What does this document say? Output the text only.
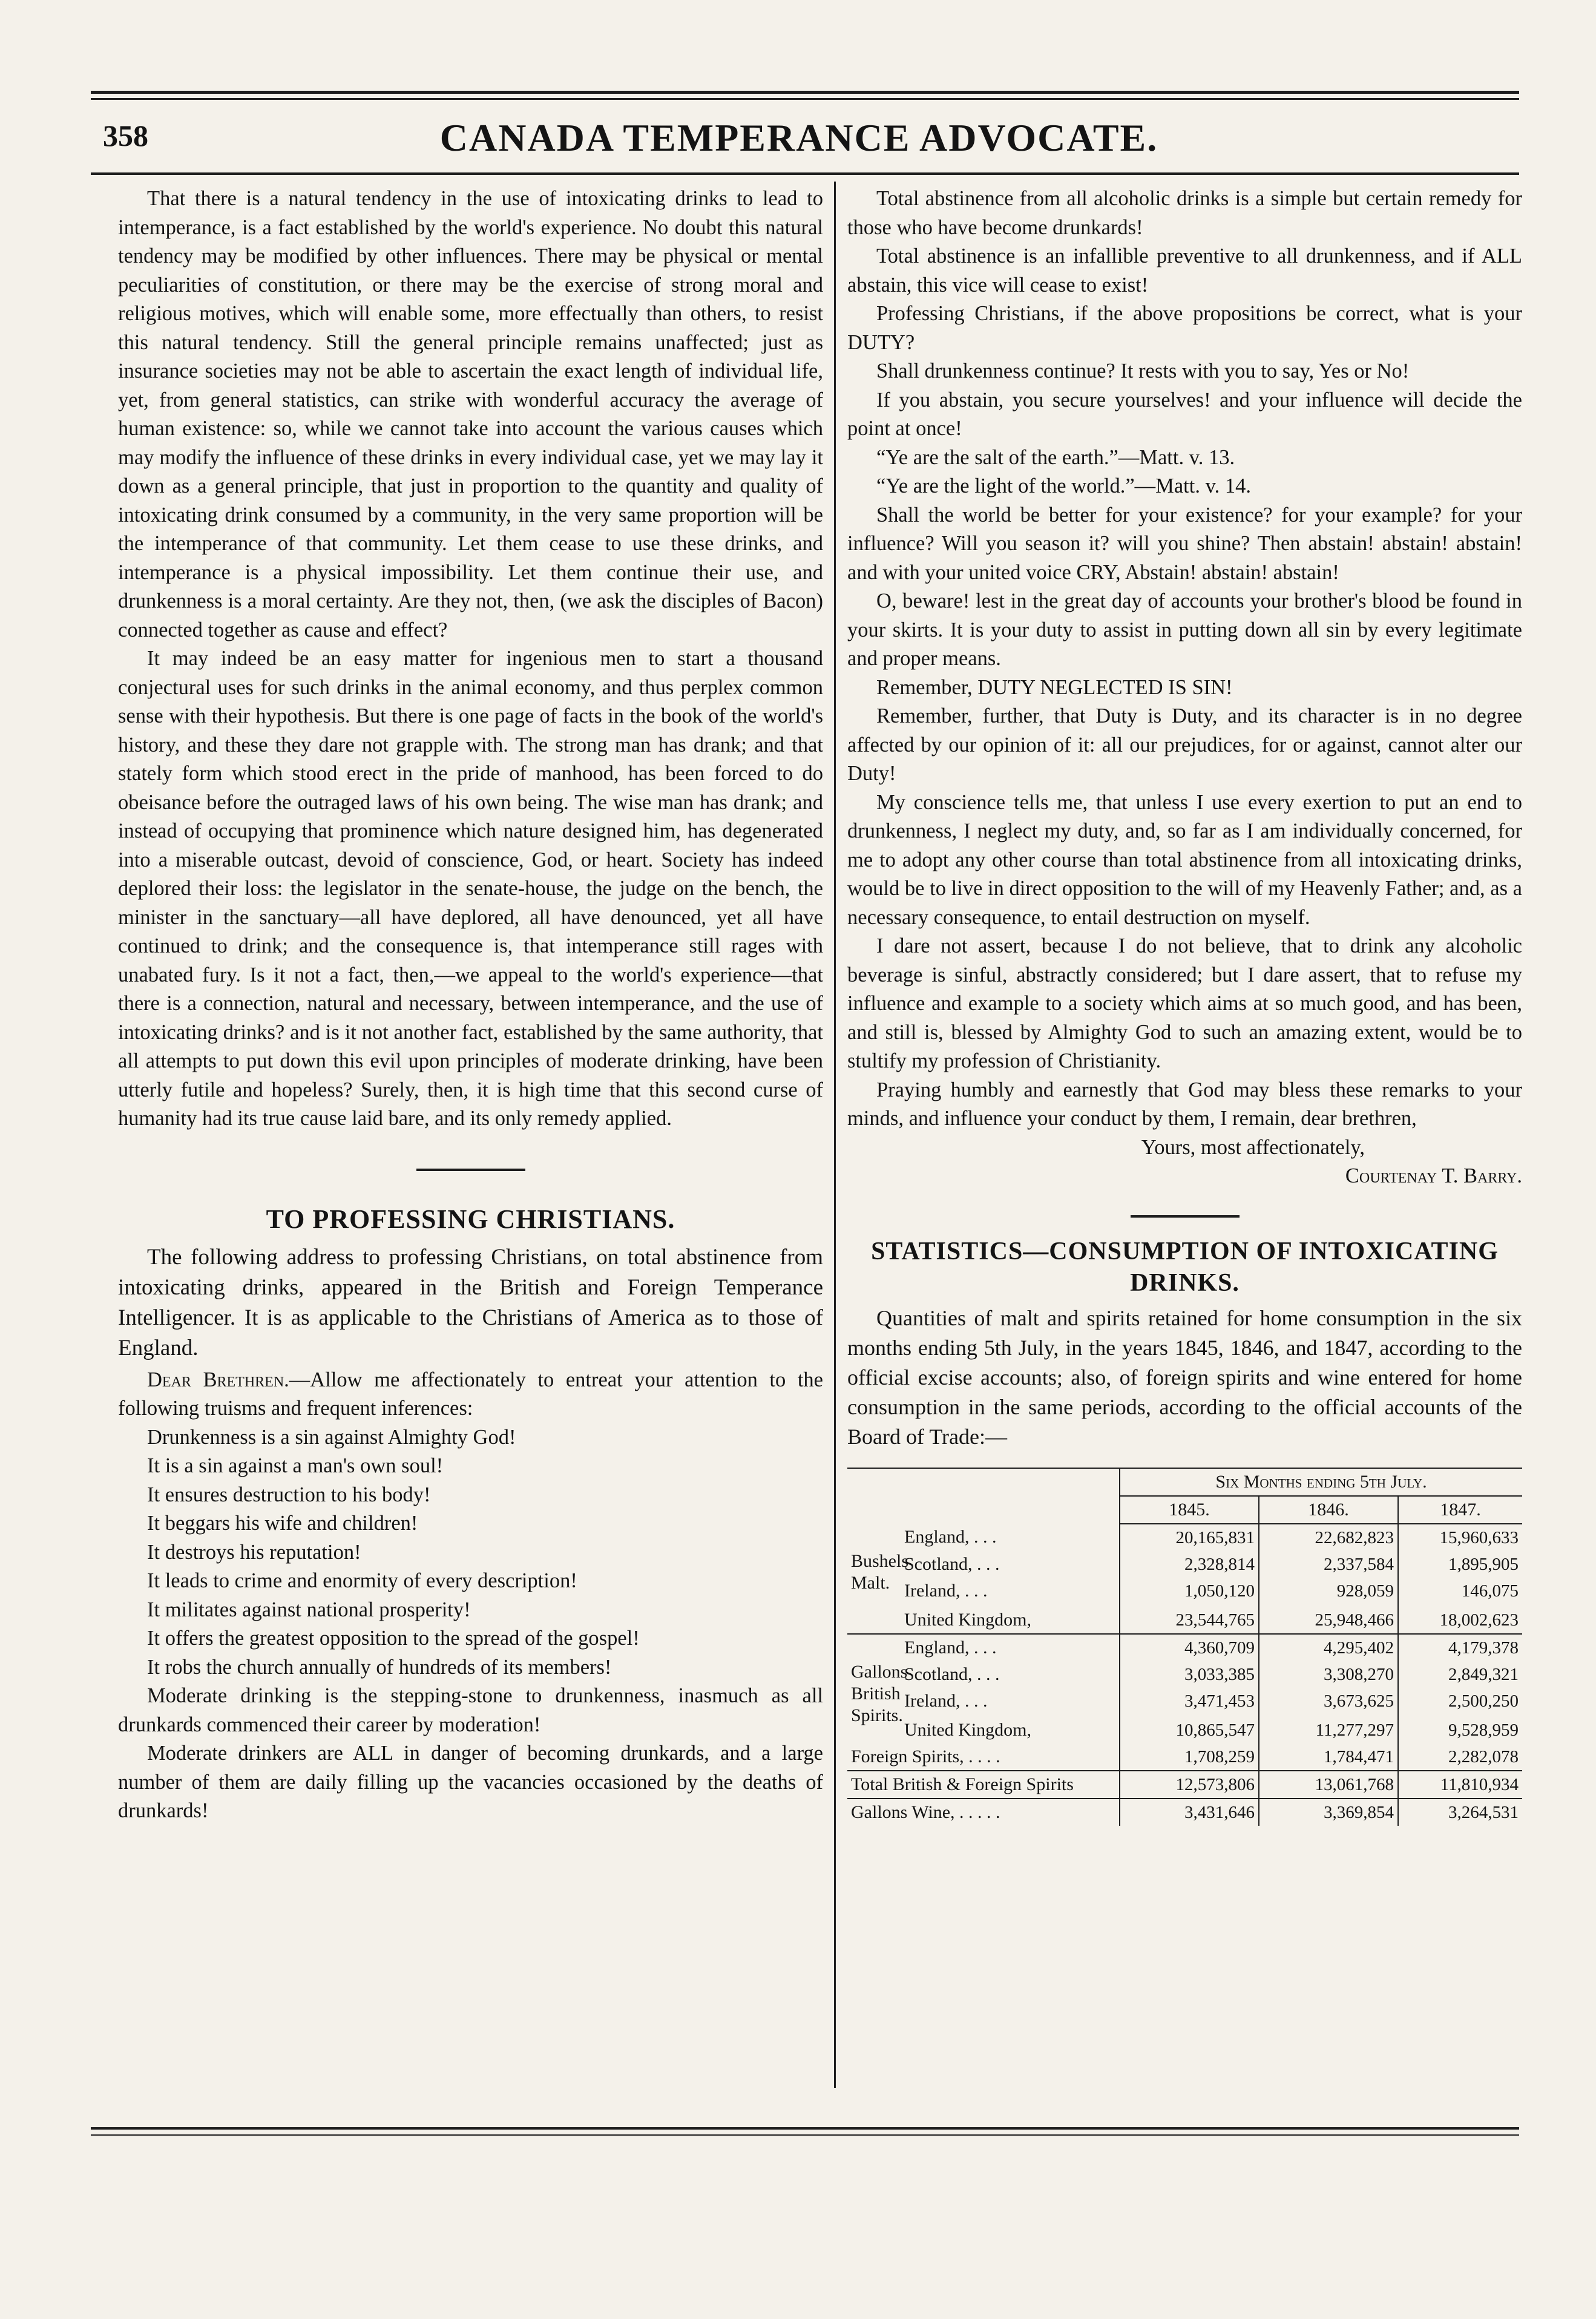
358	CANADA TEMPERANCE ADVOCATE.

That there is a natural tendency in the use of intoxicating drinks to lead to intemperance, is a fact established by the world's experience. No doubt this natural tendency may be modified by other influences. There may be physical or mental peculiarities of constitution, or there may be the exercise of strong moral and religious motives, which will enable some, more effectually than others, to resist this natural tendency. Still the general principle remains unaffected; just as insurance societies may not be able to ascertain the exact length of individual life, yet, from general statistics, can strike with wonderful accuracy the average of human existence: so, while we cannot take into account the various causes which may modify the influence of these drinks in every individual case, yet we may lay it down as a general principle, that just in proportion to the quantity and quality of intoxicating drink consumed by a community, in the very same proportion will be the intemperance of that community. Let them cease to use these drinks, and intemperance is a physical impossibility. Let them continue their use, and drunkenness is a moral certainty. Are they not, then, (we ask the disciples of Bacon) connected together as cause and effect?

It may indeed be an easy matter for ingenious men to start a thousand conjectural uses for such drinks in the animal economy, and thus perplex common sense with their hypothesis. But there is one page of facts in the book of the world's history, and these they dare not grapple with. The strong man has drank; and that stately form which stood erect in the pride of manhood, has been forced to do obeisance before the outraged laws of his own being. The wise man has drank; and instead of occupying that prominence which nature designed him, has degenerated into a miserable outcast, devoid of conscience, God, or heart. Society has indeed deplored their loss: the legislator in the senate-house, the judge on the bench, the minister in the sanctuary—all have deplored, all have denounced, yet all have continued to drink; and the consequence is, that intemperance still rages with unabated fury. Is it not a fact, then,—we appeal to the world's experience—that there is a connection, natural and necessary, between intemperance, and the use of intoxicating drinks? and is it not another fact, established by the same authority, that all attempts to put down this evil upon principles of moderate drinking, have been utterly futile and hopeless? Surely, then, it is high time that this second curse of humanity had its true cause laid bare, and its only remedy applied.

TO PROFESSING CHRISTIANS.

The following address to professing Christians, on total abstinence from intoxicating drinks, appeared in the British and Foreign Temperance Intelligencer. It is as applicable to the Christians of America as to those of England.

Dear Brethren.—Allow me affectionately to entreat your attention to the following truisms and frequent inferences:

Drunkenness is a sin against Almighty God!

It is a sin against a man's own soul!

It ensures destruction to his body!

It beggars his wife and children!

It destroys his reputation!

It leads to crime and enormity of every description!

It militates against national prosperity!

It offers the greatest opposition to the spread of the gospel!

It robs the church annually of hundreds of its members!

Moderate drinking is the stepping-stone to drunkenness, inasmuch as all drunkards commenced their career by moderation!

Moderate drinkers are ALL in danger of becoming drunkards, and a large number of them are daily filling up the vacancies occasioned by the deaths of drunkards!

Total abstinence from all alcoholic drinks is a simple but certain remedy for those who have become drunkards!

Total abstinence is an infallible preventive to all drunkenness, and if ALL abstain, this vice will cease to exist!

Professing Christians, if the above propositions be correct, what is your DUTY?

Shall drunkenness continue? It rests with you to say, Yes or No!

If you abstain, you secure yourselves! and your influence will decide the point at once!

“Ye are the salt of the earth.”—Matt. v. 13.

“Ye are the light of the world.”—Matt. v. 14.

Shall the world be better for your existence? for your example? for your influence? Will you season it? will you shine? Then abstain! abstain! abstain! and with your united voice CRY, Abstain! abstain! abstain!

O, beware! lest in the great day of accounts your brother's blood be found in your skirts. It is your duty to assist in putting down all sin by every legitimate and proper means.

Remember, DUTY NEGLECTED IS SIN!

Remember, further, that Duty is Duty, and its character is in no degree affected by our opinion of it: all our prejudices, for or against, cannot alter our Duty!

My conscience tells me, that unless I use every exertion to put an end to drunkenness, I neglect my duty, and, so far as I am individually concerned, for me to adopt any other course than total abstinence from all intoxicating drinks, would be to live in direct opposition to the will of my Heavenly Father; and, as a necessary consequence, to entail destruction on myself.

I dare not assert, because I do not believe, that to drink any alcoholic beverage is sinful, abstractly considered; but I dare assert, that to refuse my influence and example to a society which aims at so much good, and has been, and still is, blessed by Almighty God to such an amazing extent, would be to stultify my profession of Christianity.

Praying humbly and earnestly that God may bless these remarks to your minds, and influence your conduct by them, I remain, dear brethren,

Yours, most affectionately,

Courtenay T. Barry.

STATISTICS—CONSUMPTION OF INTOXICATING DRINKS.

Quantities of malt and spirits retained for home consumption in the six months ending 5th July, in the years 1845, 1846, and 1847, according to the official excise accounts; also, of foreign spirits and wine entered for home consumption in the same periods, according to the official accounts of the Board of Trade:—

		Six Months ending 5th July.		
		1845.	1846.	1847.
Bushels Malt.	England, . . .	20,165,831	22,682,823	15,960,633
	Scotland, . . .	2,328,814	2,337,584	1,895,905
	Ireland, . . .	1,050,120	928,059	146,075

	United Kingdom,	23,544,765	25,948,466	18,002,623
Gallons British Spirits.	England, . . .	4,360,709	4,295,402	4,179,378
	Scotland, . . .	3,033,385	3,308,270	2,849,321
	Ireland, . . .	3,471,453	3,673,625	2,500,250

	United Kingdom,	10,865,547	11,277,297	9,528,959
Foreign Spirits, . . . .		1,708,259	1,784,471	2,282,078
Total British & Foreign Spirits		12,573,806	13,061,768	11,810,934
Gallons Wine, . . . . .		3,431,646	3,369,854	3,264,531
